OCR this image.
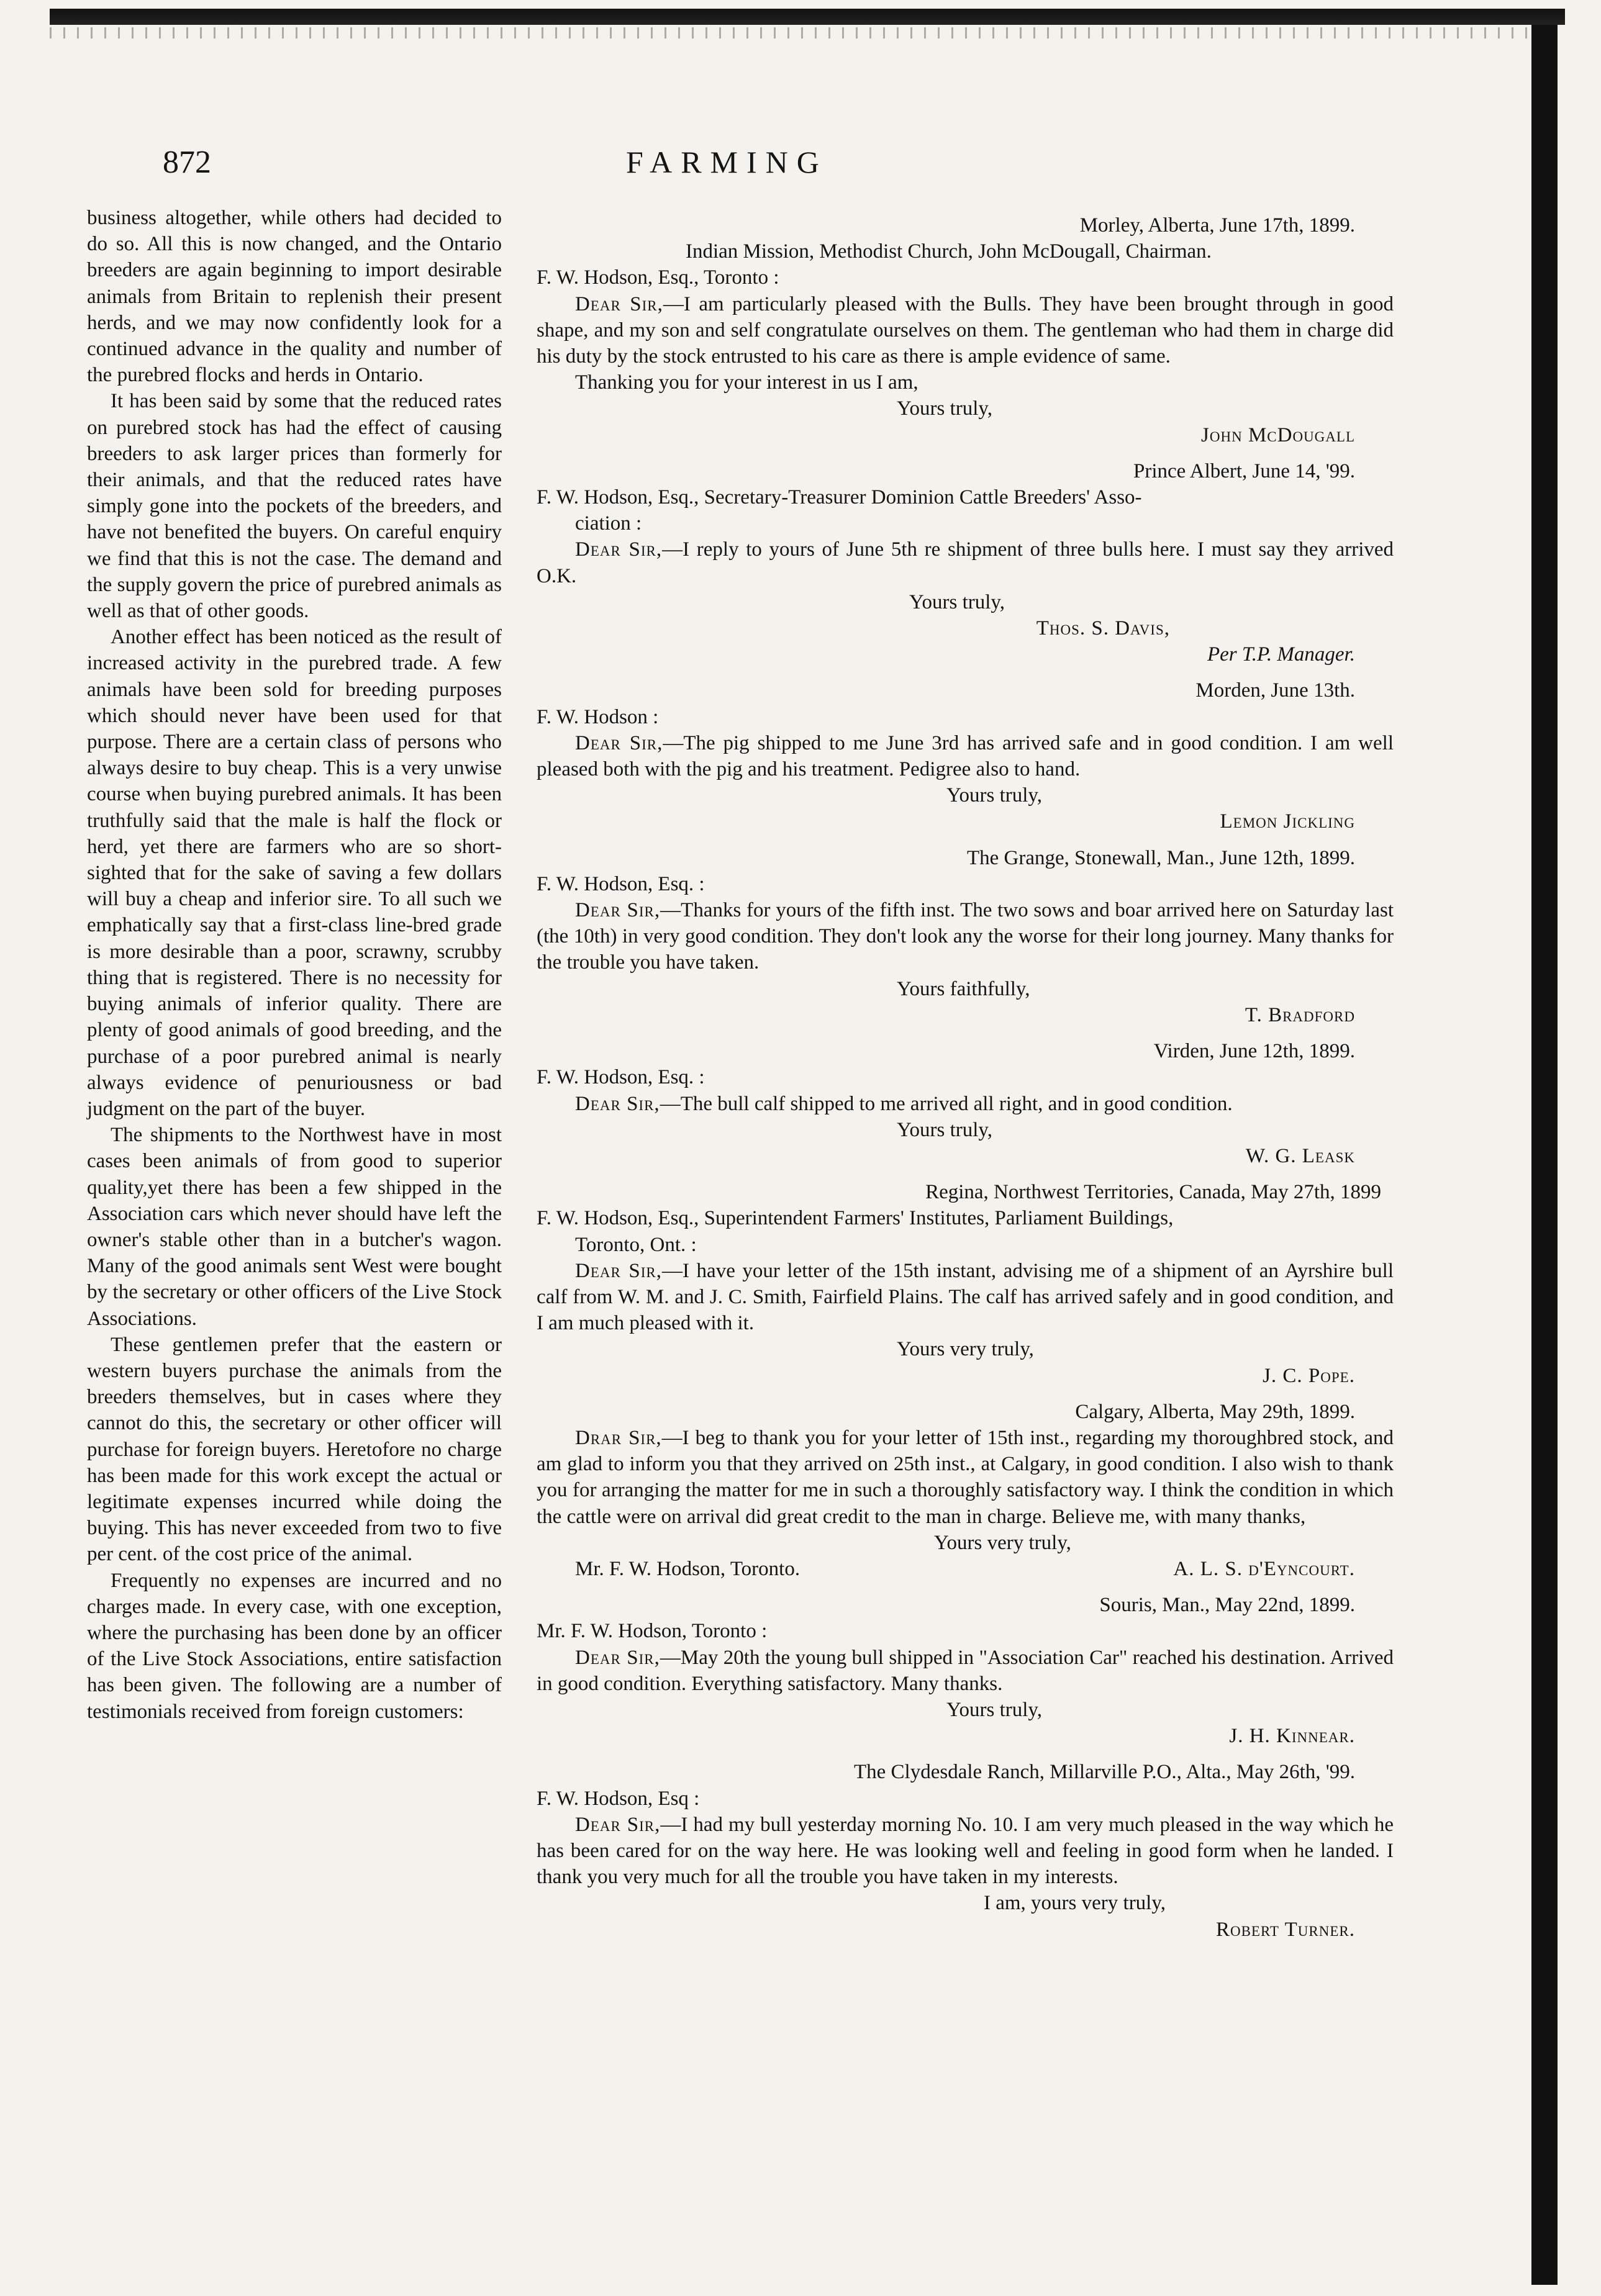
872	FARMING

business altogether, while others had decided to do so. All this is now changed, and the Ontario breeders are again beginning to import desirable animals from Britain to replenish their present herds, and we may now confidently look for a continued advance in the quality and number of the purebred flocks and herds in Ontario.

It has been said by some that the reduced rates on purebred stock has had the effect of causing breeders to ask larger prices than formerly for their animals, and that the reduced rates have simply gone into the pockets of the breeders, and have not benefited the buyers. On careful enquiry we find that this is not the case. The demand and the supply govern the price of purebred animals as well as that of other goods.

Another effect has been noticed as the result of increased activity in the purebred trade. A few animals have been sold for breeding purposes which should never have been used for that purpose. There are a certain class of persons who always desire to buy cheap. This is a very unwise course when buying purebred animals. It has been truthfully said that the male is half the flock or herd, yet there are farmers who are so short-sighted that for the sake of saving a few dollars will buy a cheap and inferior sire. To all such we emphatically say that a first-class line-bred grade is more desirable than a poor, scrawny, scrubby thing that is registered. There is no necessity for buying animals of inferior quality. There are plenty of good animals of good breeding, and the purchase of a poor purebred animal is nearly always evidence of penuriousness or bad judgment on the part of the buyer.

The shipments to the Northwest have in most cases been animals of from good to superior quality,yet there has been a few shipped in the Association cars which never should have left the owner's stable other than in a butcher's wagon. Many of the good animals sent West were bought by the secretary or other officers of the Live Stock Associations.

These gentlemen prefer that the eastern or western buyers purchase the animals from the breeders themselves, but in cases where they cannot do this, the secretary or other officer will purchase for foreign buyers. Heretofore no charge has been made for this work except the actual or legitimate expenses incurred while doing the buying. This has never exceeded from two to five per cent. of the cost price of the animal.

Frequently no expenses are incurred and no charges made. In every case, with one exception, where the purchasing has been done by an officer of the Live Stock Associations, entire satisfaction has been given. The following are a number of testimonials received from foreign customers:

Morley, Alberta, June 17th, 1899.

Indian Mission, Methodist Church, John McDougall, Chairman.

F. W. Hodson, Esq., Toronto :

Dear Sir,—I am particularly pleased with the Bulls. They have been brought through in good shape, and my son and self congratulate ourselves on them. The gentleman who had them in charge did his duty by the stock entrusted to his care as there is ample evidence of same.

Thanking you for your interest in us I am,

Yours truly,

John McDougall

Prince Albert, June 14, '99.

F. W. Hodson, Esq., Secretary-Treasurer Dominion Cattle Breeders' Asso-

ciation :

Dear Sir,—I reply to yours of June 5th re shipment of three bulls here. I must say they arrived O.K.

Yours truly,

Thos. S. Davis,

Per T.P. Manager.

Morden, June 13th.

F. W. Hodson :

Dear Sir,—The pig shipped to me June 3rd has arrived safe and in good condition. I am well pleased both with the pig and his treatment. Pedigree also to hand.

Yours truly,

Lemon Jickling

The Grange, Stonewall, Man., June 12th, 1899.

F. W. Hodson, Esq. :

Dear Sir,—Thanks for yours of the fifth inst. The two sows and boar arrived here on Saturday last (the 10th) in very good condition. They don't look any the worse for their long journey. Many thanks for the trouble you have taken.

Yours faithfully,

T. Bradford

Virden, June 12th, 1899.

F. W. Hodson, Esq. :

Dear Sir,—The bull calf shipped to me arrived all right, and in good condition.

Yours truly,

W. G. Leask

Regina, Northwest Territories, Canada, May 27th, 1899

F. W. Hodson, Esq., Superintendent Farmers' Institutes, Parliament Buildings,

Toronto, Ont. :

Dear Sir,—I have your letter of the 15th instant, advising me of a shipment of an Ayrshire bull calf from W. M. and J. C. Smith, Fairfield Plains. The calf has arrived safely and in good condition, and I am much pleased with it.

Yours very truly,

J. C. Pope.

Calgary, Alberta, May 29th, 1899.

Drar Sir,—I beg to thank you for your letter of 15th inst., regarding my thoroughbred stock, and am glad to inform you that they arrived on 25th inst., at Calgary, in good condition. I also wish to thank you for arranging the matter for me in such a thoroughly satisfactory way. I think the condition in which the cattle were on arrival did great credit to the man in charge. Believe me, with many thanks,

Yours very truly,

Mr. F. W. Hodson, Toronto.	A. L. S. d'Eyncourt.

Souris, Man., May 22nd, 1899.

Mr. F. W. Hodson, Toronto :

Dear Sir,—May 20th the young bull shipped in "Association Car" reached his destination. Arrived in good condition. Everything satisfactory. Many thanks.

Yours truly,

J. H. Kinnear.

The Clydesdale Ranch, Millarville P.O., Alta., May 26th, '99.

F. W. Hodson, Esq :

Dear Sir,—I had my bull yesterday morning No. 10. I am very much pleased in the way which he has been cared for on the way here. He was looking well and feeling in good form when he landed. I thank you very much for all the trouble you have taken in my interests.

I am, yours very truly,

Robert Turner.
